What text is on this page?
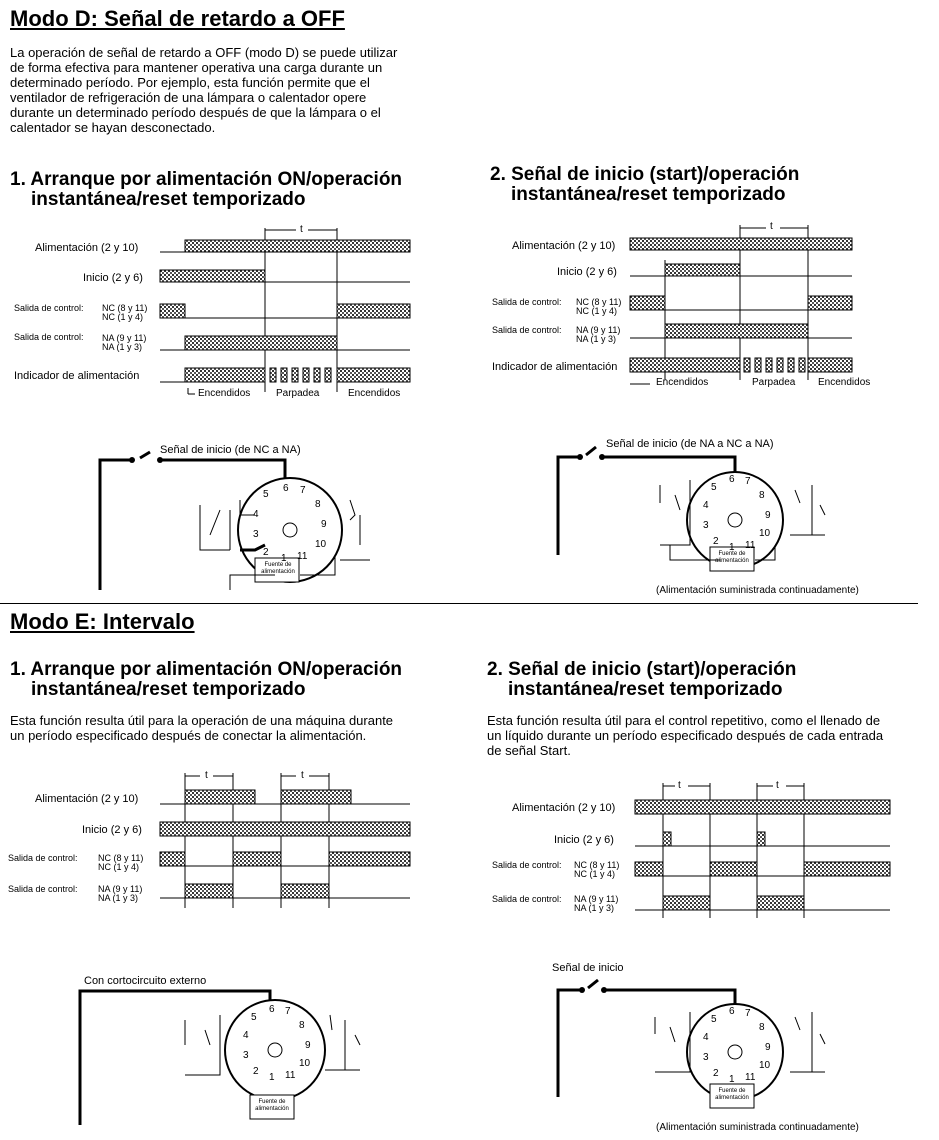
Modo D: Señal de retardo a OFF
La operación de señal de retardo a OFF (modo D) se puede utilizar
de forma efectiva para mantener operativa una carga durante un
determinado período. Por ejemplo, esta función permite que el
ventilador de refrigeración de una lámpara o calentador opere
durante un determinado período después de que la lámpara o el
calentador se hayan desconectado.
1. Arranque por alimentación ON/operación
instantánea/reset temporizado
2. Señal de inicio (start)/operación
instantánea/reset temporizado
Alimentación (2 y 10)
Inicio (2 y 6)
Salida de control: NC (8 y 11)
NC (1 y 4)
Salida de control: NA (9 y 11)
NA (1 y 3)
Indicador de alimentación
Encendidos	Parpadea	Encendidos
t
Alimentación (2 y 10)
Inicio (2 y 6)
Salida de control: NC (8 y 11)
NC (1 y 4)
Salida de control: NA (9 y 11)
NA (1 y 3)
Indicador de alimentación
Encendidos	Parpadea Encendidos
t
Señal de inicio (de NC a NA)
Fuente de
alimentación
6 7
5
8
4
9
3
10
2
1 11
Señal de inicio (de NA a NC a NA)
Fuente de
alimentación
6 7
5
8
4
9
3
10
2
1 11
(Alimentación suministrada continuadamente)
Modo E: Intervalo
1. Arranque por alimentación ON/operación
instantánea/reset temporizado
2. Señal de inicio (start)/operación
instantánea/reset temporizado
Esta función resulta útil para la operación de una máquina durante
un período especificado después de conectar la alimentación.
Esta función resulta útil para el control repetitivo, como el llenado de
un líquido durante un período especificado después de cada entrada
de señal Start.
Alimentación (2 y 10)
Inicio (2 y 6)
Salida de control: NC (8 y 11)
NC (1 y 4)
Salida de control: NA (9 y 11)
NA (1 y 3)
t	t
Alimentación (2 y 10)
Inicio (2 y 6)
Salida de control: NC (8 y 11)
NC (1 y 4)
Salida de control: NA (9 y 11)
NA (1 y 3)
t	t
Con cortocircuito externo
Fuente de
alimentación
6 7
5
8
4
9
3
10
2
1 11
Señal de inicio
Fuente de
alimentación
6 7
5
8
4
9
3
10
2
1 11
(Alimentación suministrada continuadamente)
